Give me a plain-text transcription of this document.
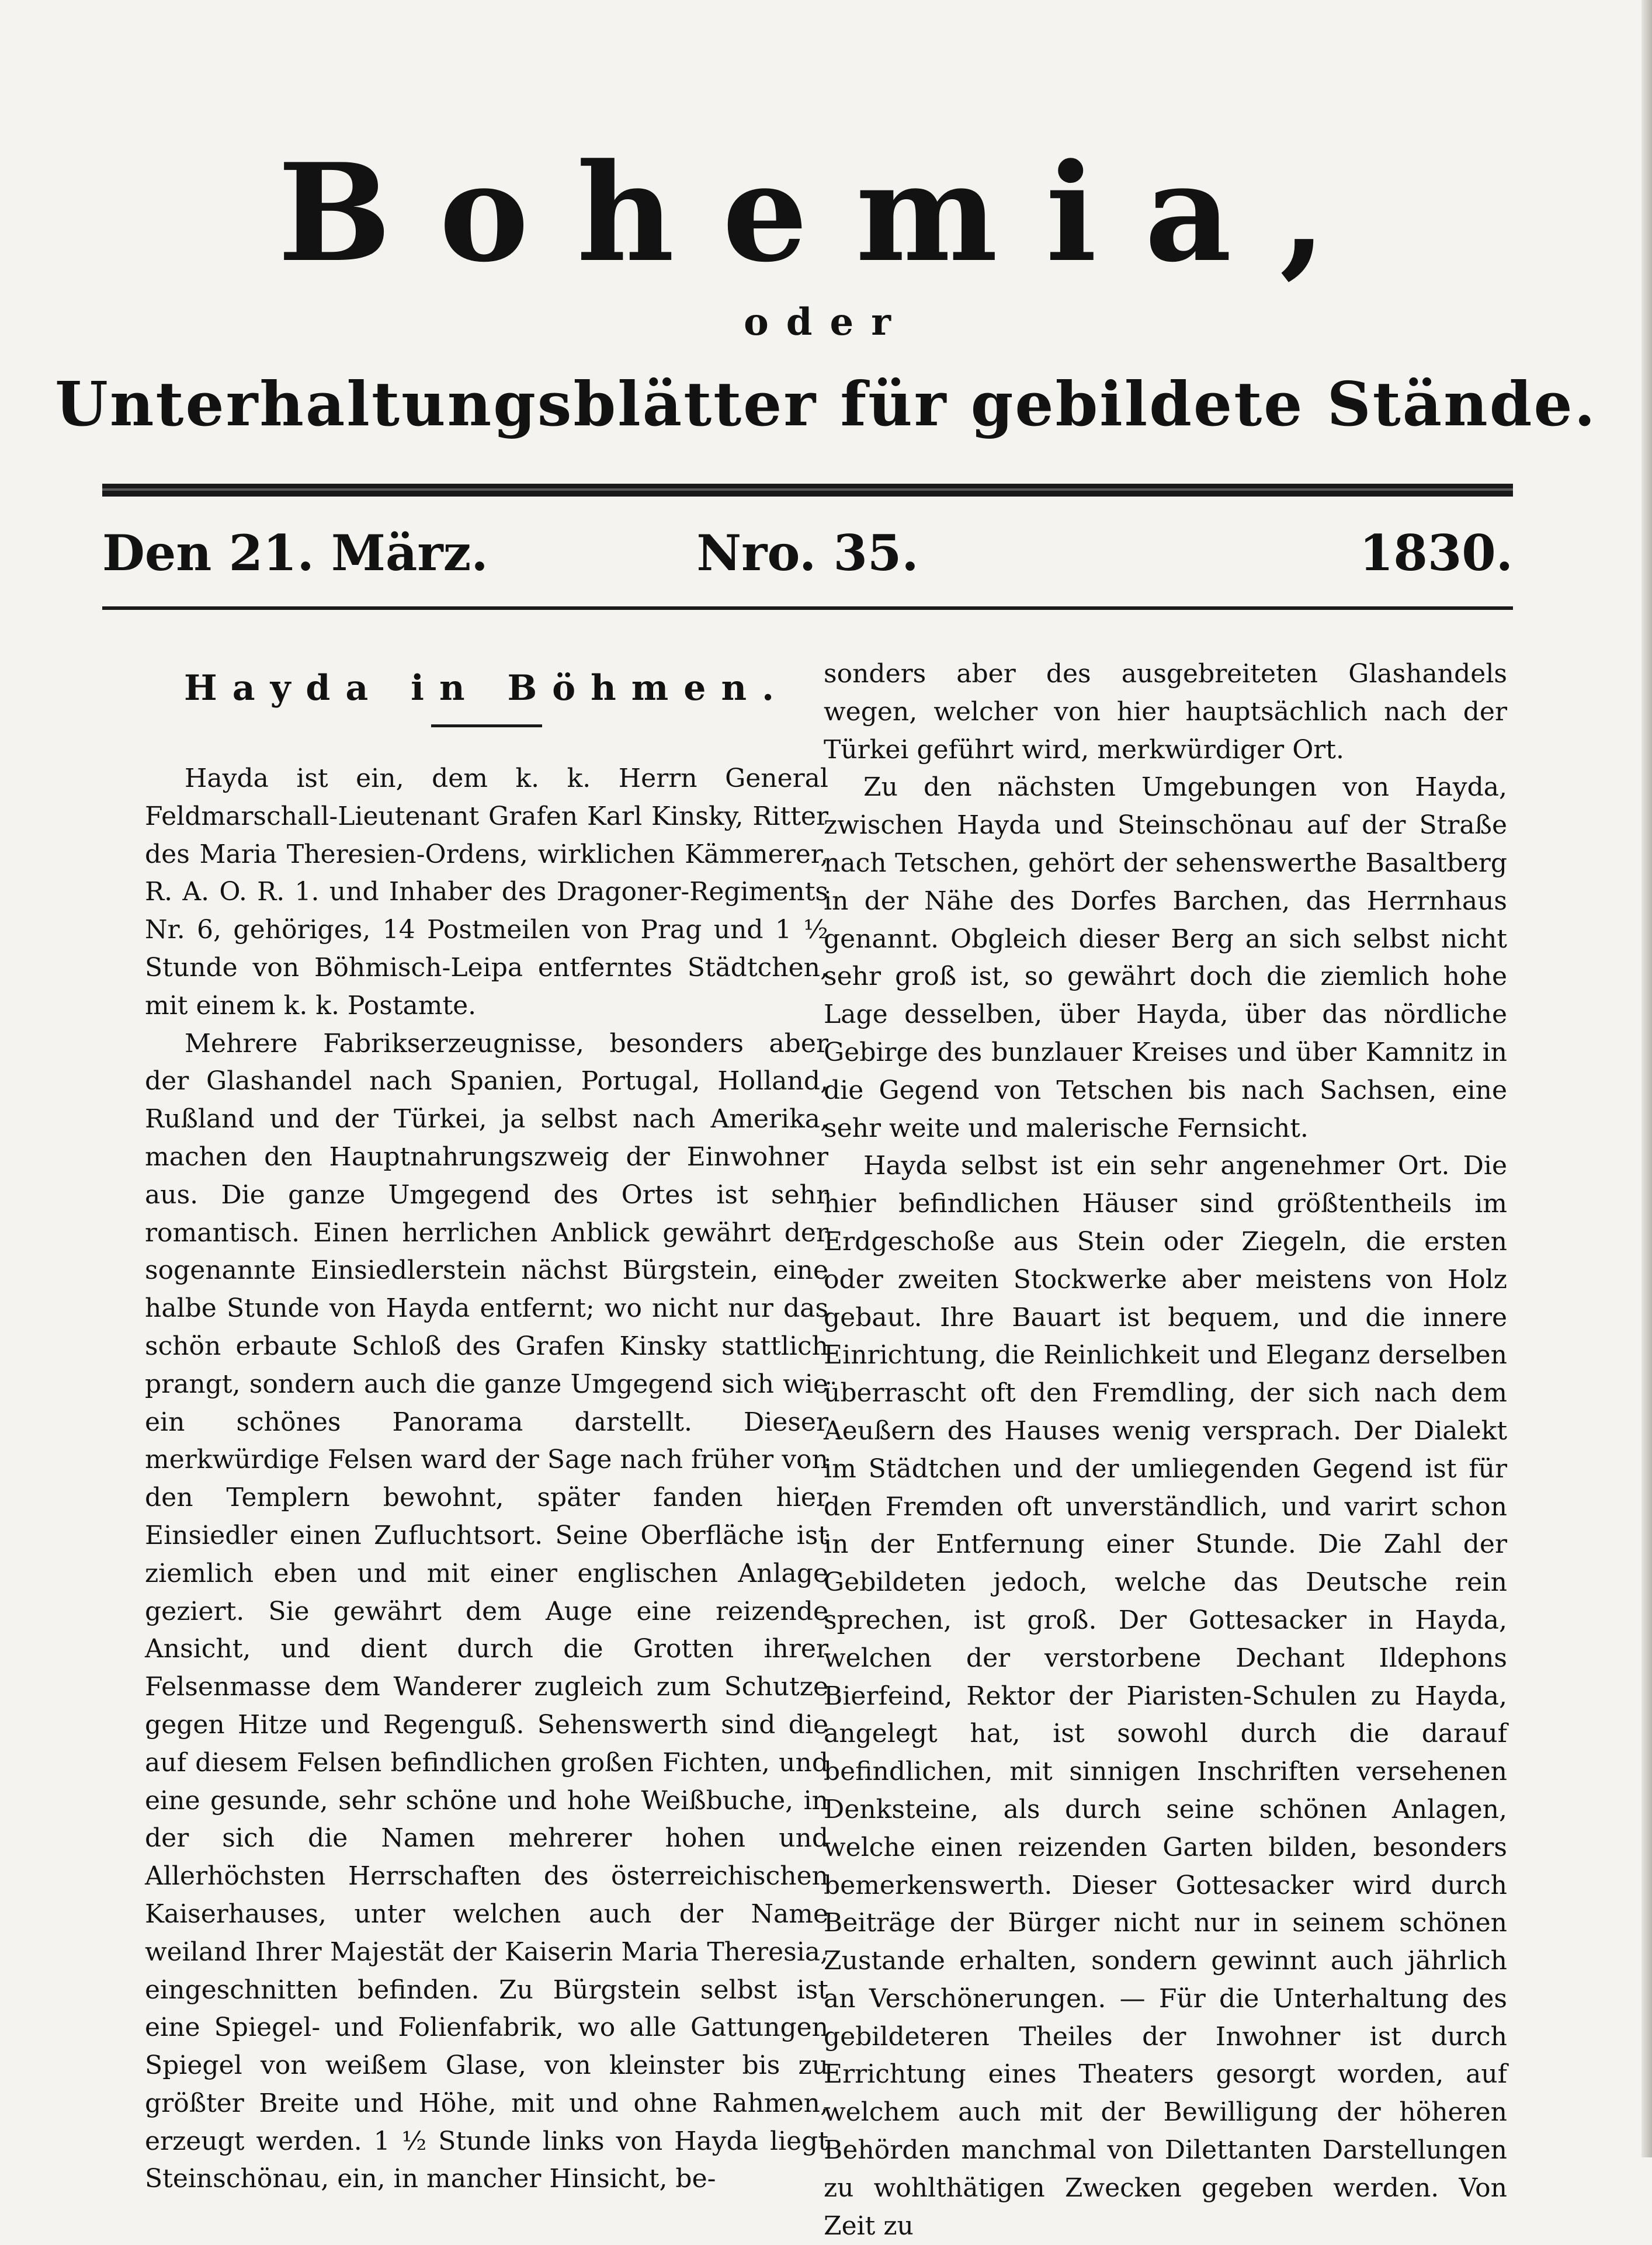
Bohemia,
oder
Unterhaltungsblätter für gebildete Stände.
Den 21. März.	Nro. 35.	1830.
Hayda in Böhmen.

Hayda ist ein, dem k. k. Herrn General Feldmarschall-Lieutenant Grafen Karl Kinsky, Ritter des Maria Theresien-Ordens, wirklichen Kämmerer, R. A. O. R. 1. und Inhaber des Dragoner-Regiments Nr. 6, gehöriges, 14 Postmeilen von Prag und 1 ½ Stunde von Böhmisch-Leipa entferntes Städtchen, mit einem k. k. Postamte.

Mehrere Fabrikserzeugnisse, besonders aber der Glashandel nach Spanien, Portugal, Holland, Rußland und der Türkei, ja selbst nach Amerika, machen den Hauptnahrungszweig der Einwohner aus. Die ganze Umgegend des Ortes ist sehr romantisch. Einen herrlichen Anblick gewährt der sogenannte Einsiedlerstein nächst Bürgstein, eine halbe Stunde von Hayda entfernt; wo nicht nur das schön erbaute Schloß des Grafen Kinsky stattlich prangt, sondern auch die ganze Umgegend sich wie ein schönes Panorama darstellt. Dieser merkwürdige Felsen ward der Sage nach früher von den Templern bewohnt, später fanden hier Einsiedler einen Zufluchtsort. Seine Oberfläche ist ziemlich eben und mit einer englischen Anlage geziert. Sie gewährt dem Auge eine reizende Ansicht, und dient durch die Grotten ihrer Felsenmasse dem Wanderer zugleich zum Schutze gegen Hitze und Regenguß. Sehenswerth sind die auf diesem Felsen befindlichen großen Fichten, und eine gesunde, sehr schöne und hohe Weißbuche, in der sich die Namen mehrerer hohen und Allerhöchsten Herrschaften des österreichischen Kaiserhauses, unter welchen auch der Name weiland Ihrer Majestät der Kaiserin Maria Theresia, eingeschnitten befinden. Zu Bürgstein selbst ist eine Spiegel- und Folienfabrik, wo alle Gattungen Spiegel von weißem Glase, von kleinster bis zu größter Breite und Höhe, mit und ohne Rahmen, erzeugt werden. 1 ½ Stunde links von Hayda liegt Steinschönau, ein, in mancher Hinsicht, be-

sonders aber des ausgebreiteten Glashandels wegen, welcher von hier hauptsächlich nach der Türkei geführt wird, merkwürdiger Ort.

Zu den nächsten Umgebungen von Hayda, zwischen Hayda und Steinschönau auf der Straße nach Tetschen, gehört der sehenswerthe Basaltberg in der Nähe des Dorfes Barchen, das Herrnhaus genannt. Obgleich dieser Berg an sich selbst nicht sehr groß ist, so gewährt doch die ziemlich hohe Lage desselben, über Hayda, über das nördliche Gebirge des bunzlauer Kreises und über Kamnitz in die Gegend von Tetschen bis nach Sachsen, eine sehr weite und malerische Fernsicht.

Hayda selbst ist ein sehr angenehmer Ort. Die hier befindlichen Häuser sind größtentheils im Erdgeschoße aus Stein oder Ziegeln, die ersten oder zweiten Stockwerke aber meistens von Holz gebaut. Ihre Bauart ist bequem, und die innere Einrichtung, die Reinlichkeit und Eleganz derselben überrascht oft den Fremdling, der sich nach dem Aeußern des Hauses wenig versprach. Der Dialekt im Städtchen und der umliegenden Gegend ist für den Fremden oft unverständlich, und varirt schon in der Entfernung einer Stunde. Die Zahl der Gebildeten jedoch, welche das Deutsche rein sprechen, ist groß. Der Gottesacker in Hayda, welchen der verstorbene Dechant Ildephons Bierfeind, Rektor der Piaristen-Schulen zu Hayda, angelegt hat, ist sowohl durch die darauf befindlichen, mit sinnigen Inschriften versehenen Denksteine, als durch seine schönen Anlagen, welche einen reizenden Garten bilden, besonders bemerkenswerth. Dieser Gottesacker wird durch Beiträge der Bürger nicht nur in seinem schönen Zustande erhalten, sondern gewinnt auch jährlich an Verschönerungen. — Für die Unterhaltung des gebildeteren Theiles der Inwohner ist durch Errichtung eines Theaters gesorgt worden, auf welchem auch mit der Bewilligung der höheren Behörden manchmal von Dilettanten Darstellungen zu wohlthätigen Zwecken gegeben werden. Von Zeit zu
